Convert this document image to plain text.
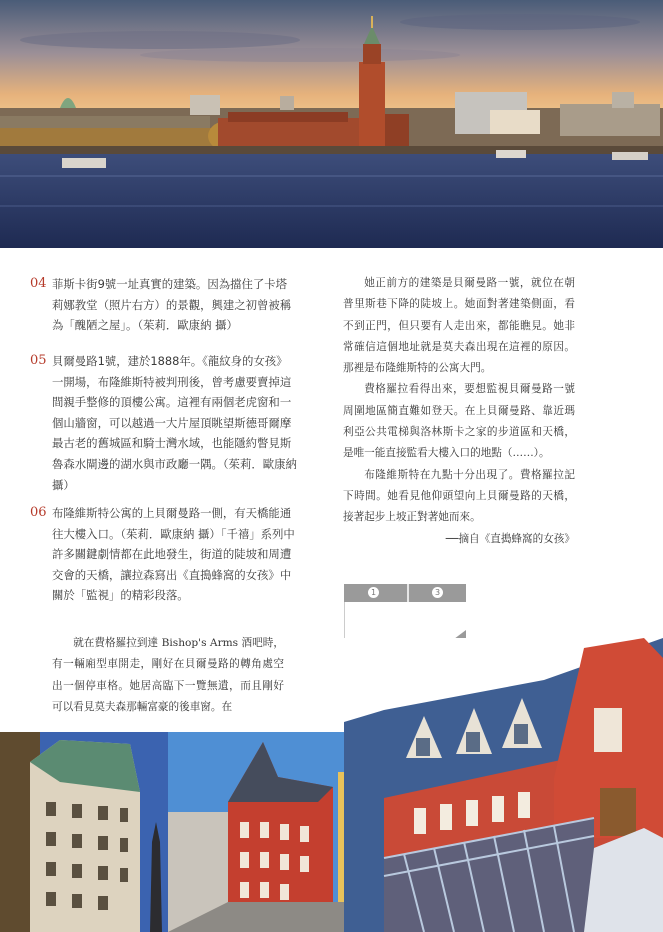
04 菲斯卡街9號一址真實的建築。因為擋住了卡塔莉娜教堂（照片右方）的景觀，興建之初曾被稱為「醜陋之屋」。（茱莉．歐康納 攝）
05 貝爾曼路1號，建於1888年。《龍紋身的女孩》一開場，布隆維斯特被判刑後，曾考慮要賣掉這間親手整修的頂樓公寓。這裡有兩個老虎窗和一個山牆窗，可以越過一大片屋頂眺望斯德哥爾摩最古老的舊城區和騎士灣水域，也能隱約瞥見斯魯森水閘邊的湖水與市政廳一隅。（茱莉．歐康納 攝）
06 布隆維斯特公寓的上貝爾曼路一側，有天橋能通往大樓入口。（茱莉．歐康納 攝）「千禧」系列中許多關鍵劇情都在此地發生，街道的陡坡和周遭交會的天橋，讓拉森寫出《直搗蜂窩的女孩》中關於「監視」的精彩段落。

就在費格羅拉到達 Bishop's Arms 酒吧時，有一輛廂型車開走，剛好在貝爾曼路的轉角處空出一個停車格。她居高臨下一覽無遺，而且剛好可以看見莫夫森那輛富豪的後車窗。在

她正前方的建築是貝爾曼路一號，就位在朝普里斯巷下降的陡坡上。她面對著建築側面，看不到正門，但只要有人走出來，都能瞧見。她非常確信這個地址就是莫夫森出現在這裡的原因。那裡是布隆維斯特的公寓大門。

費格羅拉看得出來，要想監視貝爾曼路一號周圍地區簡直難如登天。在上貝爾曼路、靠近瑪利亞公共電梯與洛林斯卡之家的步道區和天橋，是唯一能直接監看大樓入口的地點（……）。

布隆維斯特在九點十分出現了。費格羅拉記下時間。她看見他仰頭望向上貝爾曼路的天橋，接著起步上坡正對著她而來。

──摘自《直搗蜂窩的女孩》
1	3
